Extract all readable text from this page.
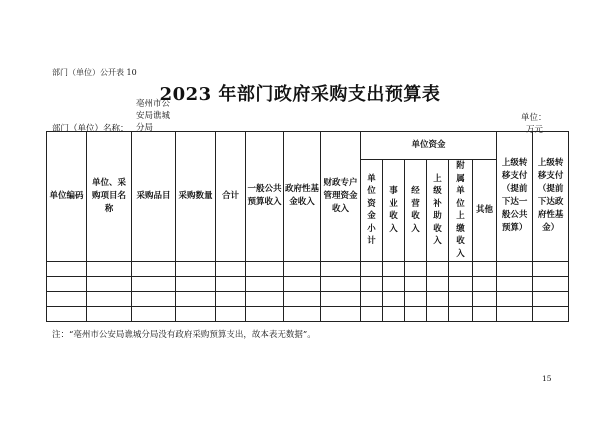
部门（单位）公开表 10
2023 年部门政府采购支出预算表
部门（单位）名称：
亳州市公安局谯城分局
单位：
万元
单位编码	单位、采购项目名称	采购品目	采购数量	合计	一般公共预算收入	政府性基金收入	财政专户管理资金收入	单位资金						上级转移支付（提前下达一般公共预算）	上级转移支付（提前下达政府性基金）
								单位资金小计	事业收入	经营收入	上级补助收入	附属单位上缴收入	其他		

注：“亳州市公安局谯城分局没有政府采购预算支出，故本表无数据”。
15
